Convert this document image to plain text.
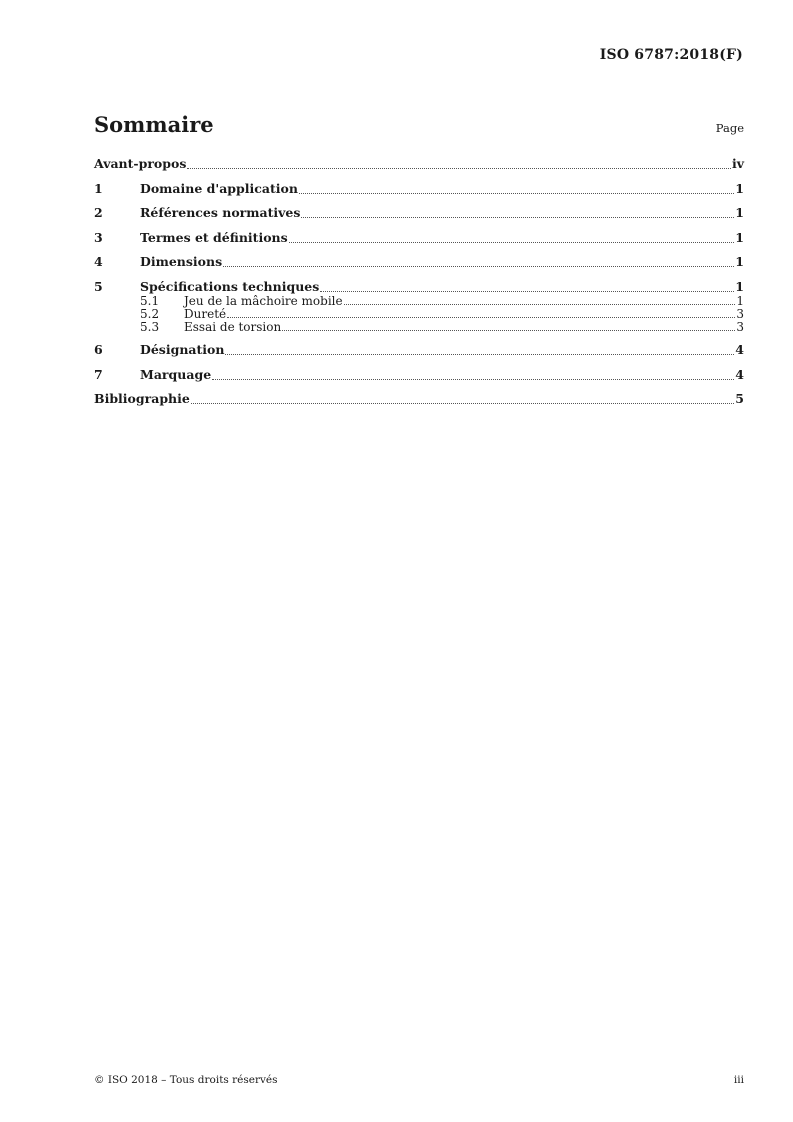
ISO 6787:2018(F)
Sommaire	Page
Avant-propos	iv
1	Domaine d'application	1
2	Références normatives	1
3	Termes et définitions	1
4	Dimensions	1
5	Spécifications techniques	1
5.1	Jeu de la mâchoire mobile	1
5.2	Dureté	3
5.3	Essai de torsion	3
6	Désignation	4
7	Marquage	4
Bibliographie	5
© ISO 2018 – Tous droits réservés	iii
